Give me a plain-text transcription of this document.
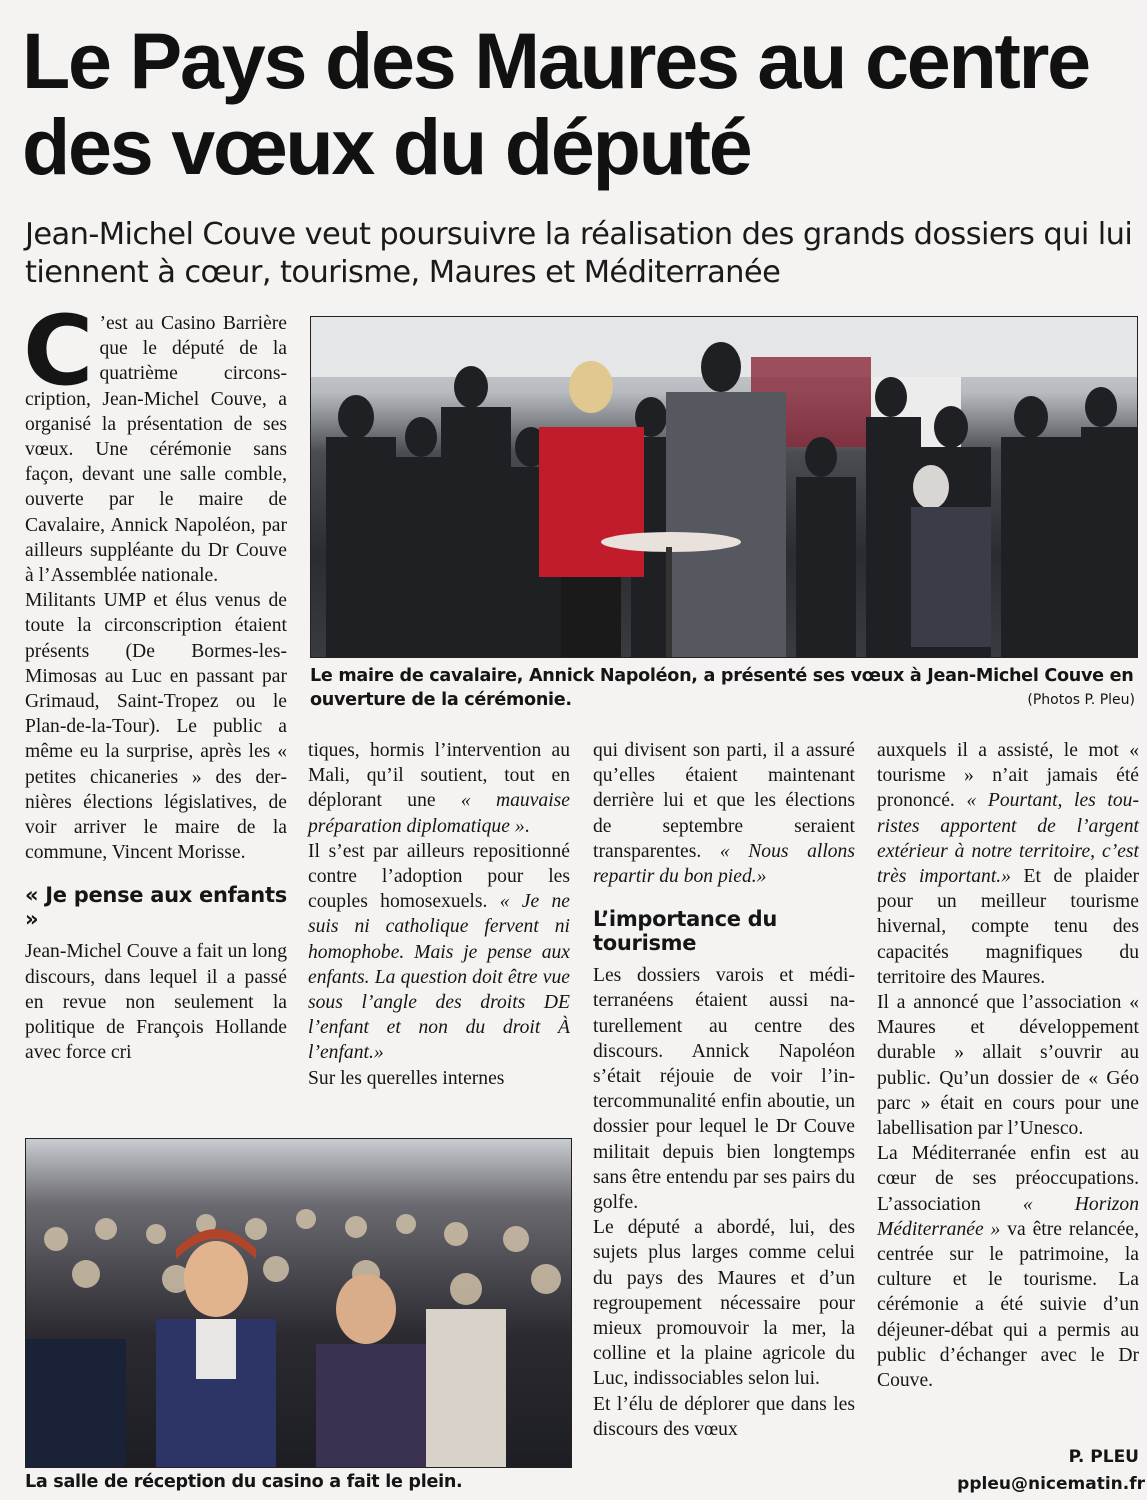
Le Pays des Maures au centre
des vœux du député

Jean-Michel Couve veut poursuivre la réalisation des grands dossiers qui lui tiennent à cœur, tourisme, Maures et Méditerranée

Le maire de cavalaire, Annick Napoléon, a présenté ses vœux à Jean-Michel Couve en ouverture de la cérémonie.	(Photos P. Pleu)

La salle de réception du casino a fait le plein.

C ’est au Casino Barrière que le député de la quatrième circonscription, Jean-Michel Couve, a organisé la présentation de ses vœux. Une cérémonie sans façon, devant une salle comble, ouverte par le maire de Cavalaire, Annick Napoléon, par ailleurs suppléante du Dr Couve à l’Assemblée nationale.

Militants UMP et élus venus de toute la circonscription étaient présents (De Bormes-les-Mimosas au Luc en passant par Grimaud, Saint-Tropez ou le Plan-de-la-Tour). Le public a même eu la surprise, après les « petites chicaneries » des dernières élections législatives, de voir arriver le maire de la commune, Vincent Morisse.

« Je pense aux enfants »

Jean-Michel Couve a fait un long discours, dans lequel il a passé en revue non seulement la politique de François Hollande avec force cri

tiques, hormis l’intervention au Mali, qu’il soutient, tout en déplorant une « mauvaise préparation diplomatique ».

Il s’est par ailleurs repositionné contre l’adoption pour les couples homosexuels. « Je ne suis ni catholique fervent ni homophobe. Mais je pense aux enfants. La question doit être vue sous l’angle des droits DE l’enfant et non du droit À l’enfant.»

Sur les querelles internes

qui divisent son parti, il a assuré qu’elles étaient maintenant derrière lui et que les élections de septembre seraient transparentes. « Nous allons repartir du bon pied.»

L’importance du tourisme

Les dossiers varois et méditerranéens étaient aussi naturellement au centre des discours. Annick Napoléon s’était réjouie de voir l’intercommunalité enfin aboutie, un dossier pour lequel le Dr Couve militait depuis bien longtemps sans être entendu par ses pairs du golfe.

Le député a abordé, lui, des sujets plus larges comme celui du pays des Maures et d’un regroupement nécessaire pour mieux promouvoir la mer, la colline et la plaine agricole du Luc, indissociables selon lui.

Et l’élu de déplorer que dans les discours des vœux

auxquels il a assisté, le mot « tourisme » n’ait jamais été prononcé. « Pourtant, les touristes apportent de l’argent extérieur à notre territoire, c’est très important.» Et de plaider pour un meilleur tourisme hivernal, compte tenu des capacités magnifiques du territoire des Maures.

Il a annoncé que l’association « Maures et développement durable » allait s’ouvrir au public. Qu’un dossier de « Géo parc » était en cours pour une labellisation par l’Unesco.

La Méditerranée enfin est au cœur de ses préoccupations. L’association « Horizon Méditerranée » va être relancée, centrée sur le patrimoine, la culture et le tourisme. La cérémonie a été suivie d’un déjeuner-débat qui a permis au public d’échanger avec le Dr Couve.

P. PLEU
ppleu@nicematin.fr
